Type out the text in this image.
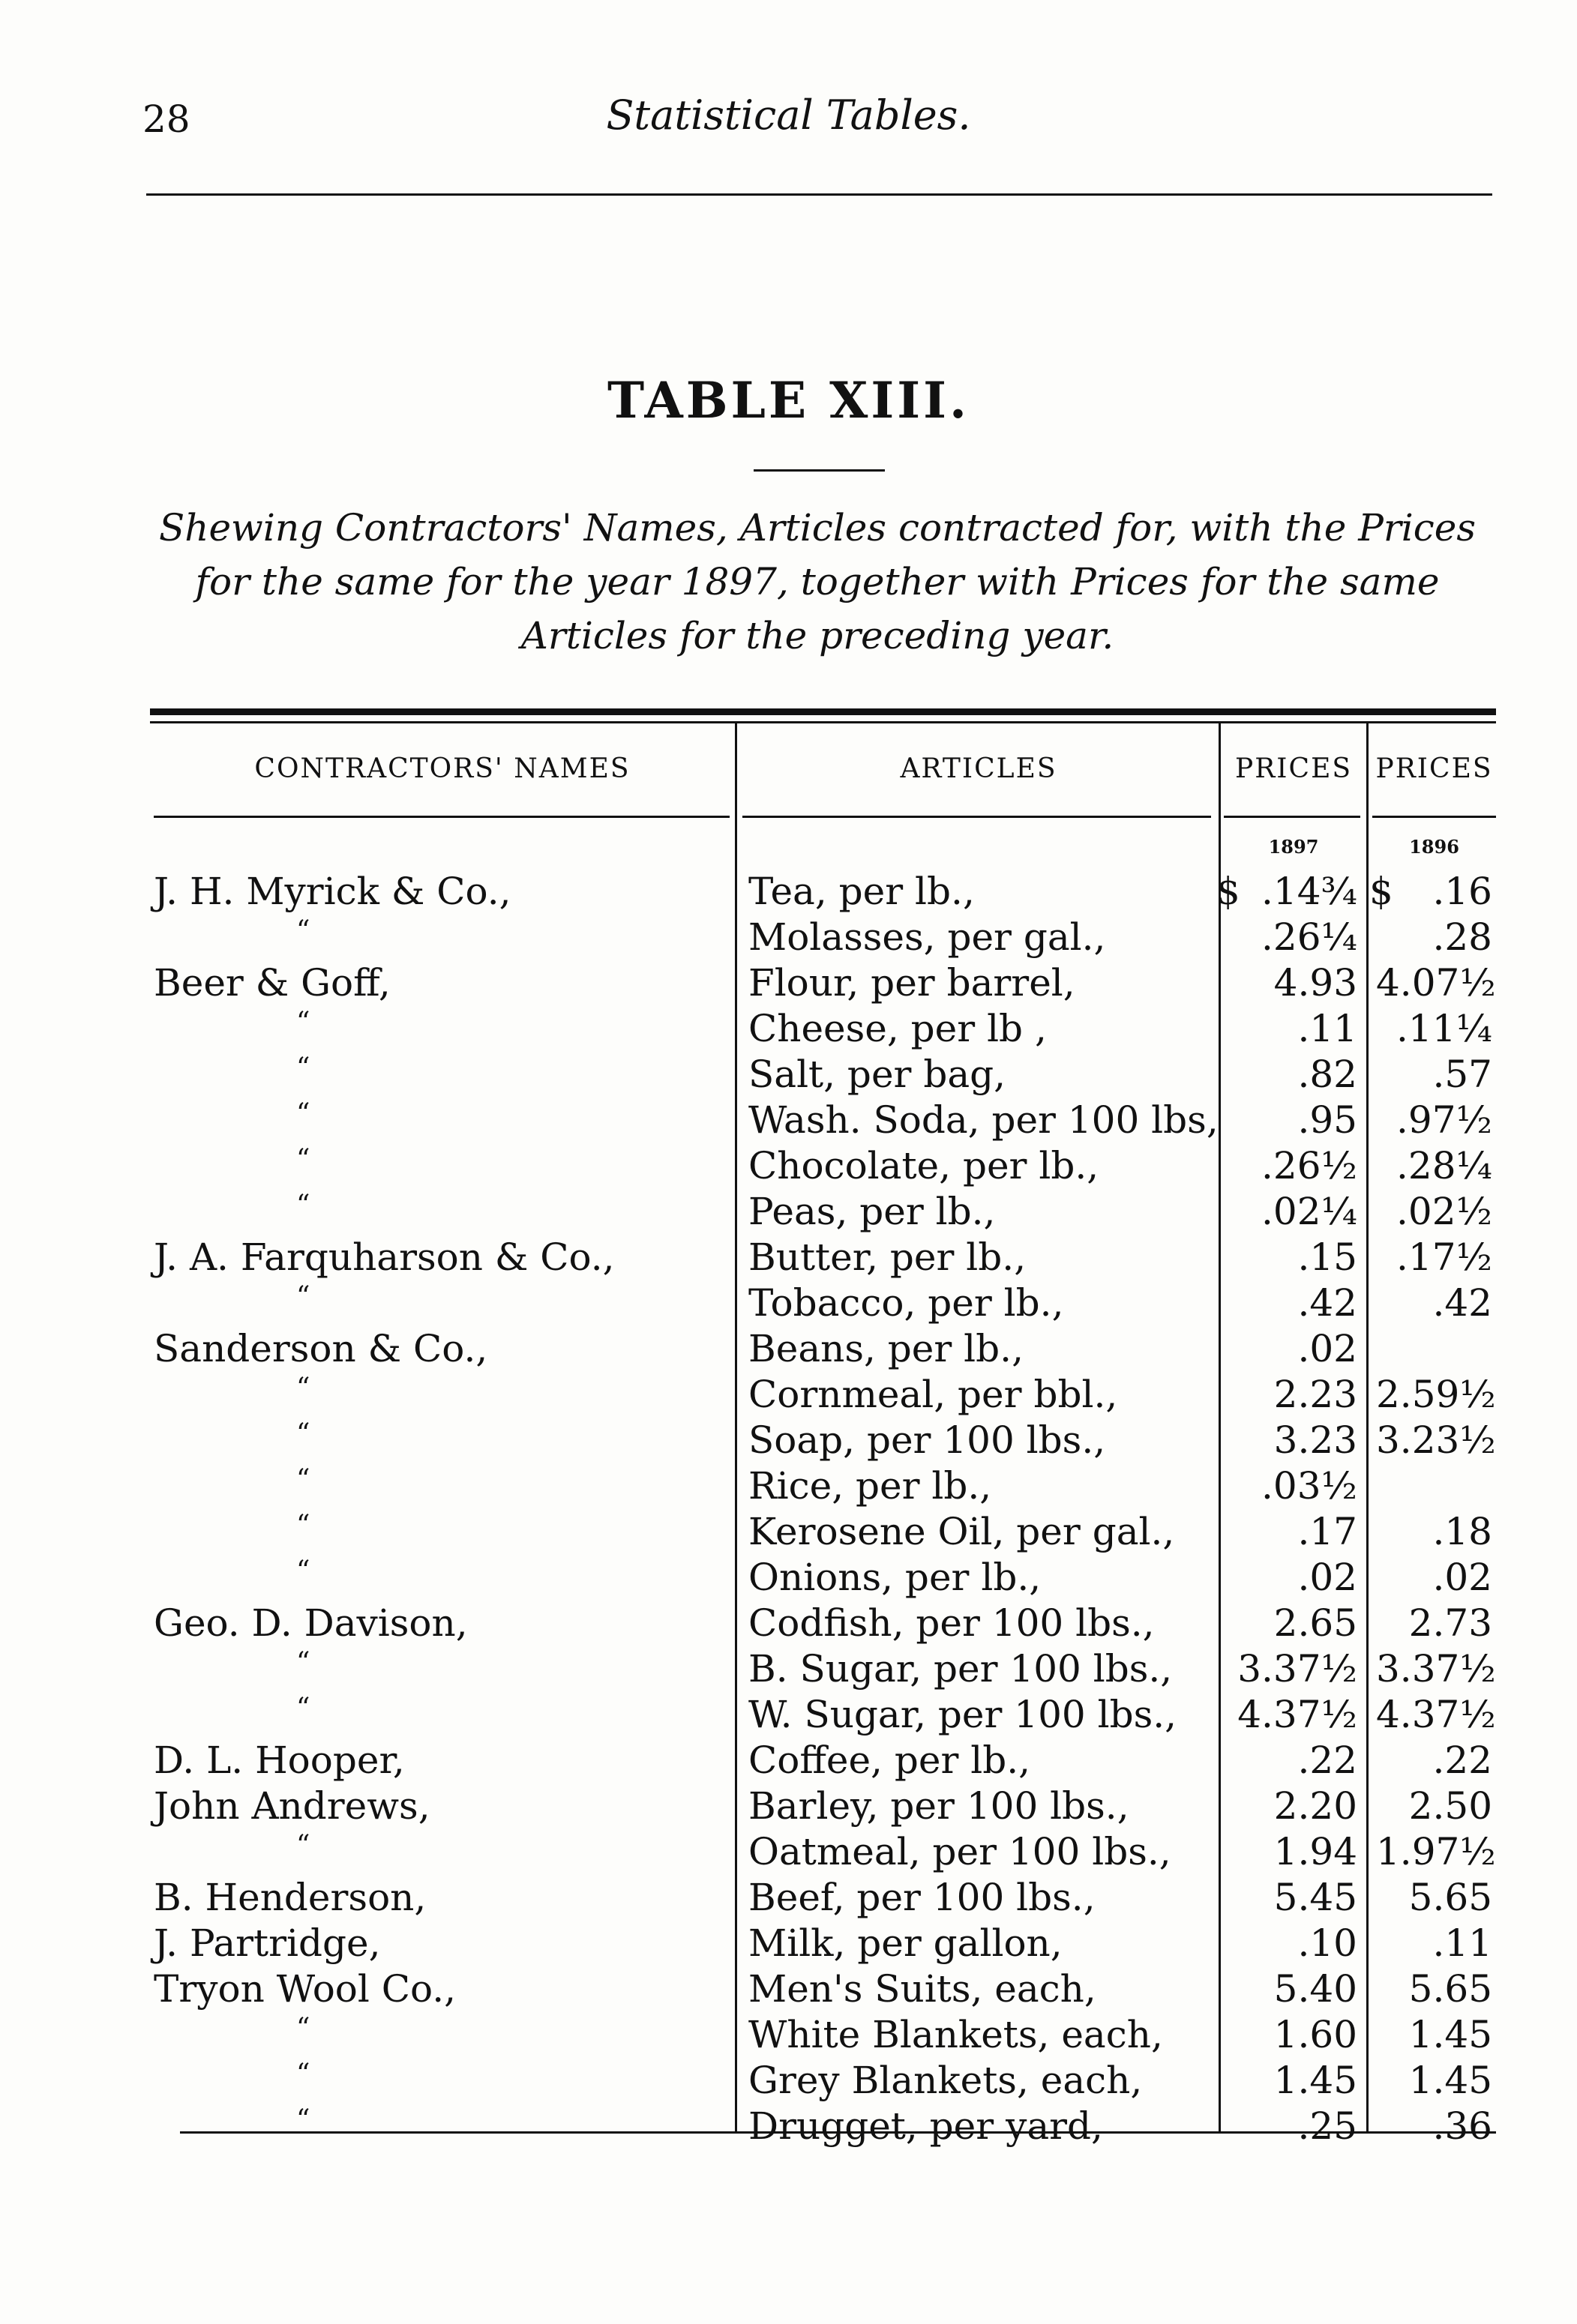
28	Statistical Tables.
TABLE XIII.
Shewing Contractors' Names, Articles contracted for, with the Prices for the same for the year 1897, together with Prices for the same Articles for the preceding year.
CONTRACTORS' NAMES	ARTICLES	PRICES PRICES
1897	1896
$	$
J. H. Myrick & Co.,	Tea, per lb.,	.14¾	.16
“	Molasses, per gal.,	.26¼	.28
Beer & Goff,	Flour, per barrel,	4.93 4.07½
“	Cheese, per lb ,	.11	.11¼
“	Salt, per bag,	.82	.57
“	Wash. Soda, per 100 lbs,	.95	.97½
“	Chocolate, per lb.,	.26½	.28¼
“	Peas, per lb.,	.02¼	.02½
J. A. Farquharson & Co.,	Butter, per lb.,	.15	.17½
“	Tobacco, per lb.,	.42	.42
Sanderson & Co.,	Beans, per lb.,	.02
“	Cornmeal, per bbl.,	2.23 2.59½
“	Soap, per 100 lbs.,	3.23 3.23½
“	Rice, per lb.,	.03½
“	Kerosene Oil, per gal.,	.17	.18
“	Onions, per lb.,	.02	.02
Geo. D. Davison,	Codfish, per 100 lbs.,	2.65	2.73
“	B. Sugar, per 100 lbs.,	3.37½ 3.37½
“	W. Sugar, per 100 lbs.,	4.37½ 4.37½
D. L. Hooper,	Coffee, per lb.,	.22	.22
John Andrews,	Barley, per 100 lbs.,	2.20	2.50
“	Oatmeal, per 100 lbs.,	1.94 1.97½
B. Henderson,	Beef, per 100 lbs.,	5.45	5.65
J. Partridge,	Milk, per gallon,	.10	.11
Tryon Wool Co.,	Men's Suits, each,	5.40	5.65
“	White Blankets, each,	1.60	1.45
“	Grey Blankets, each,	1.45	1.45
“	Drugget, per yard,	.25	.36
